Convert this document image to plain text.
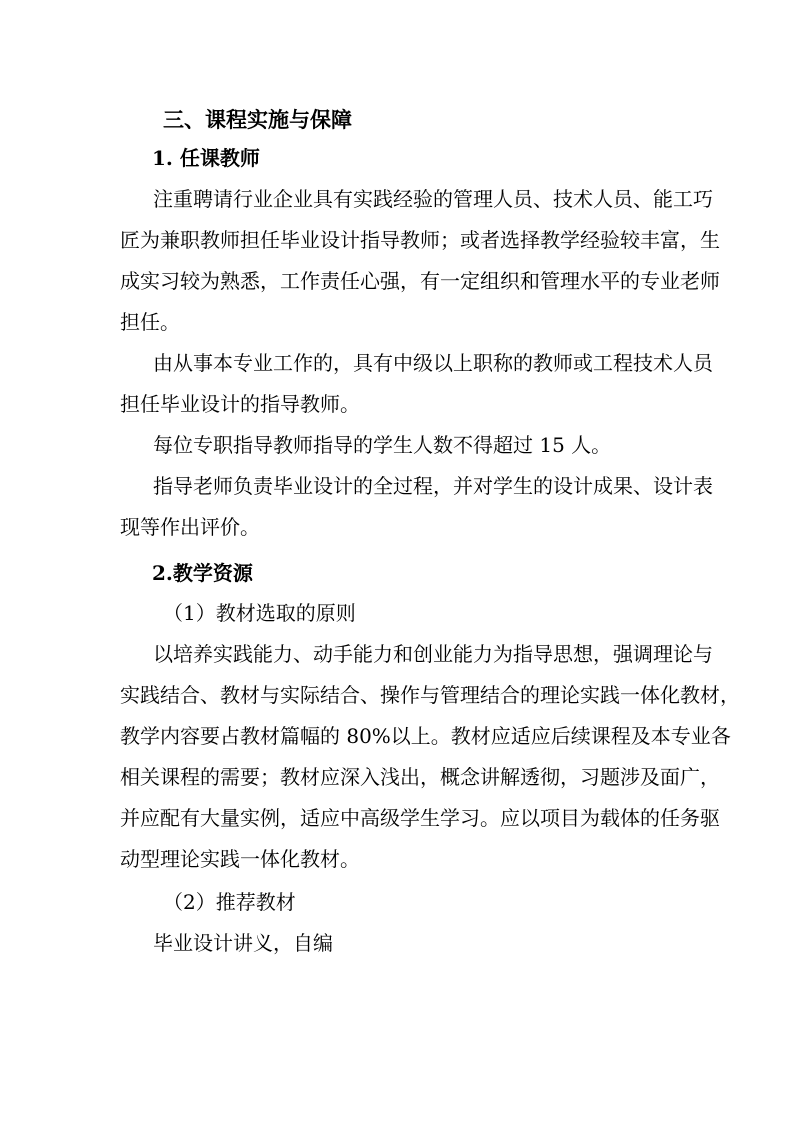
三、课程实施与保障
1. 任课教师
注重聘请行业企业具有实践经验的管理人员、技术人员、能工巧
匠为兼职教师担任毕业设计指导教师；或者选择教学经验较丰富，生
成实习较为熟悉，工作责任心强，有一定组织和管理水平的专业老师
担任。
由从事本专业工作的，具有中级以上职称的教师或工程技术人员
担任毕业设计的指导教师。
每位专职指导教师指导的学生人数不得超过 15 人。
指导老师负责毕业设计的全过程，并对学生的设计成果、设计表
现等作出评价。
2.教学资源
（1）教材选取的原则
以培养实践能力、动手能力和创业能力为指导思想，强调理论与
实践结合、教材与实际结合、操作与管理结合的理论实践一体化教材，
教学内容要占教材篇幅的 80%以上。教材应适应后续课程及本专业各
相关课程的需要；教材应深入浅出，概念讲解透彻，习题涉及面广，
并应配有大量实例，适应中高级学生学习。应以项目为载体的任务驱
动型理论实践一体化教材。
（2）推荐教材
毕业设计讲义，自编
